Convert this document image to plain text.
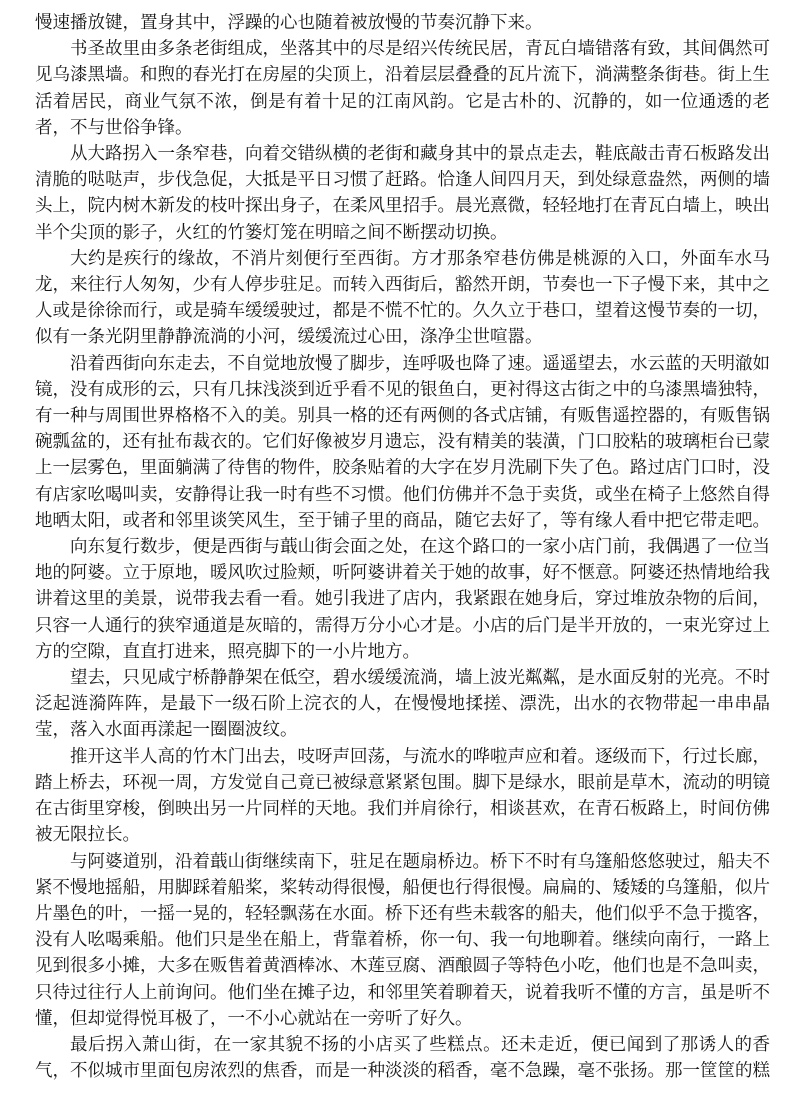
慢速播放键，置身其中，浮躁的心也随着被放慢的节奏沉静下来。

书圣故里由多条老街组成，坐落其中的尽是绍兴传统民居，青瓦白墙错落有致，其间偶然可见乌漆黑墙。和煦的春光打在房屋的尖顶上，沿着层层叠叠的瓦片流下，淌满整条街巷。街上生活着居民，商业气氛不浓，倒是有着十足的江南风韵。它是古朴的、沉静的，如一位通透的老者，不与世俗争锋。

从大路拐入一条窄巷，向着交错纵横的老街和藏身其中的景点走去，鞋底敲击青石板路发出清脆的哒哒声，步伐急促，大抵是平日习惯了赶路。恰逢人间四月天，到处绿意盎然，两侧的墙头上，院内树木新发的枝叶探出身子，在柔风里招手。晨光熹微，轻轻地打在青瓦白墙上，映出半个尖顶的影子，火红的竹篓灯笼在明暗之间不断摆动切换。

大约是疾行的缘故，不消片刻便行至西街。方才那条窄巷仿佛是桃源的入口，外面车水马龙，来往行人匆匆，少有人停步驻足。而转入西街后，豁然开朗，节奏也一下子慢下来，其中之人或是徐徐而行，或是骑车缓缓驶过，都是不慌不忙的。久久立于巷口，望着这慢节奏的一切，似有一条光阴里静静流淌的小河，缓缓流过心田，涤净尘世喧嚣。

沿着西街向东走去，不自觉地放慢了脚步，连呼吸也降了速。遥遥望去，水云蓝的天明澈如镜，没有成形的云，只有几抹浅淡到近乎看不见的银鱼白，更衬得这古街之中的乌漆黑墙独特，有一种与周围世界格格不入的美。别具一格的还有两侧的各式店铺，有贩售遥控器的，有贩售锅碗瓢盆的，还有扯布裁衣的。它们好像被岁月遗忘，没有精美的装潢，门口胶粘的玻璃柜台已蒙上一层雾色，里面躺满了待售的物件，胶条贴着的大字在岁月洗刷下失了色。路过店门口时，没有店家吆喝叫卖，安静得让我一时有些不习惯。他们仿佛并不急于卖货，或坐在椅子上悠然自得地晒太阳，或者和邻里谈笑风生，至于铺子里的商品，随它去好了，等有缘人看中把它带走吧。

向东复行数步，便是西街与蕺山街会面之处，在这个路口的一家小店门前，我偶遇了一位当地的阿婆。立于原地，暖风吹过脸颊，听阿婆讲着关于她的故事，好不惬意。阿婆还热情地给我讲着这里的美景，说带我去看一看。她引我进了店内，我紧跟在她身后，穿过堆放杂物的后间，只容一人通行的狭窄通道是灰暗的，需得万分小心才是。小店的后门是半开放的，一束光穿过上方的空隙，直直打进来，照亮脚下的一小片地方。

望去，只见咸宁桥静静架在低空，碧水缓缓流淌，墙上波光粼粼，是水面反射的光亮。不时泛起涟漪阵阵，是最下一级石阶上浣衣的人，在慢慢地揉搓、漂洗，出水的衣物带起一串串晶莹，落入水面再漾起一圈圈波纹。

推开这半人高的竹木门出去，吱呀声回荡，与流水的哗啦声应和着。逐级而下，行过长廊，踏上桥去，环视一周，方发觉自己竟已被绿意紧紧包围。脚下是绿水，眼前是草木，流动的明镜在古街里穿梭，倒映出另一片同样的天地。我们并肩徐行，相谈甚欢，在青石板路上，时间仿佛被无限拉长。

与阿婆道别，沿着蕺山街继续南下，驻足在题扇桥边。桥下不时有乌篷船悠悠驶过，船夫不紧不慢地摇船，用脚踩着船桨，桨转动得很慢，船便也行得很慢。扁扁的、矮矮的乌篷船，似片片墨色的叶，一摇一晃的，轻轻飘荡在水面。桥下还有些未载客的船夫，他们似乎不急于揽客，没有人吆喝乘船。他们只是坐在船上，背靠着桥，你一句、我一句地聊着。继续向南行，一路上见到很多小摊，大多在贩售着黄酒棒冰、木莲豆腐、酒酿圆子等特色小吃，他们也是不急叫卖，只待过往行人上前询问。他们坐在摊子边，和邻里笑着聊着天，说着我听不懂的方言，虽是听不懂，但却觉得悦耳极了，一不小心就站在一旁听了好久。

最后拐入萧山街，在一家其貌不扬的小店买了些糕点。还未走近，便已闻到了那诱人的香气，不似城市里面包房浓烈的焦香，而是一种淡淡的稻香，毫不急躁，毫不张扬。那一筐筐的糕
